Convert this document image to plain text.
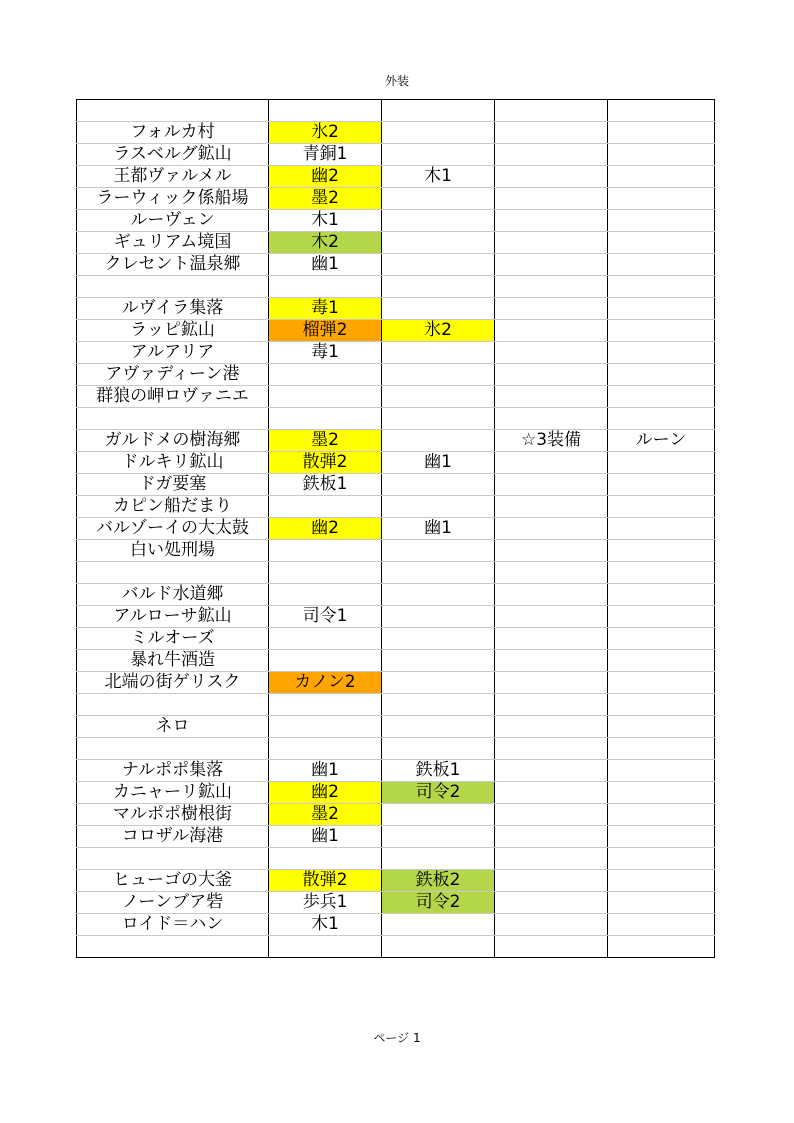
外装

フォルカ村	氷2			
ラスベルグ鉱山	青銅1			
王都ヴァルメル	幽2	木1		
ラーウィック係船場	墨2			
ルーヴェン	木1			
ギュリアム境国	木2			
クレセント温泉郷	幽1			

ルヴイラ集落	毒1			
ラッピ鉱山	榴弾2	氷2		
アルアリア	毒1			
アヴァディーン港				
群狼の岬ロヴァニエ				

ガルドメの樹海郷	墨2		☆3装備	ルーン
ドルキリ鉱山	散弾2	幽1		
ドガ要塞	鉄板1			
カピン船だまり				
バルゾーイの大太鼓	幽2	幽1		
白い処刑場				

バルド水道郷				
アルローサ鉱山	司令1			
ミルオーズ				
暴れ牛酒造				
北端の街ゲリスク	カノン2			

ネロ				

ナルポポ集落	幽1	鉄板1		
カニャーリ鉱山	幽2	司令2		
マルポポ樹根街	墨2			
コロザル海港	幽1			

ヒューゴの大釜	散弾2	鉄板2		
ノーンブア砦	歩兵1	司令2		
ロイド＝ハン	木1			

ページ 1
